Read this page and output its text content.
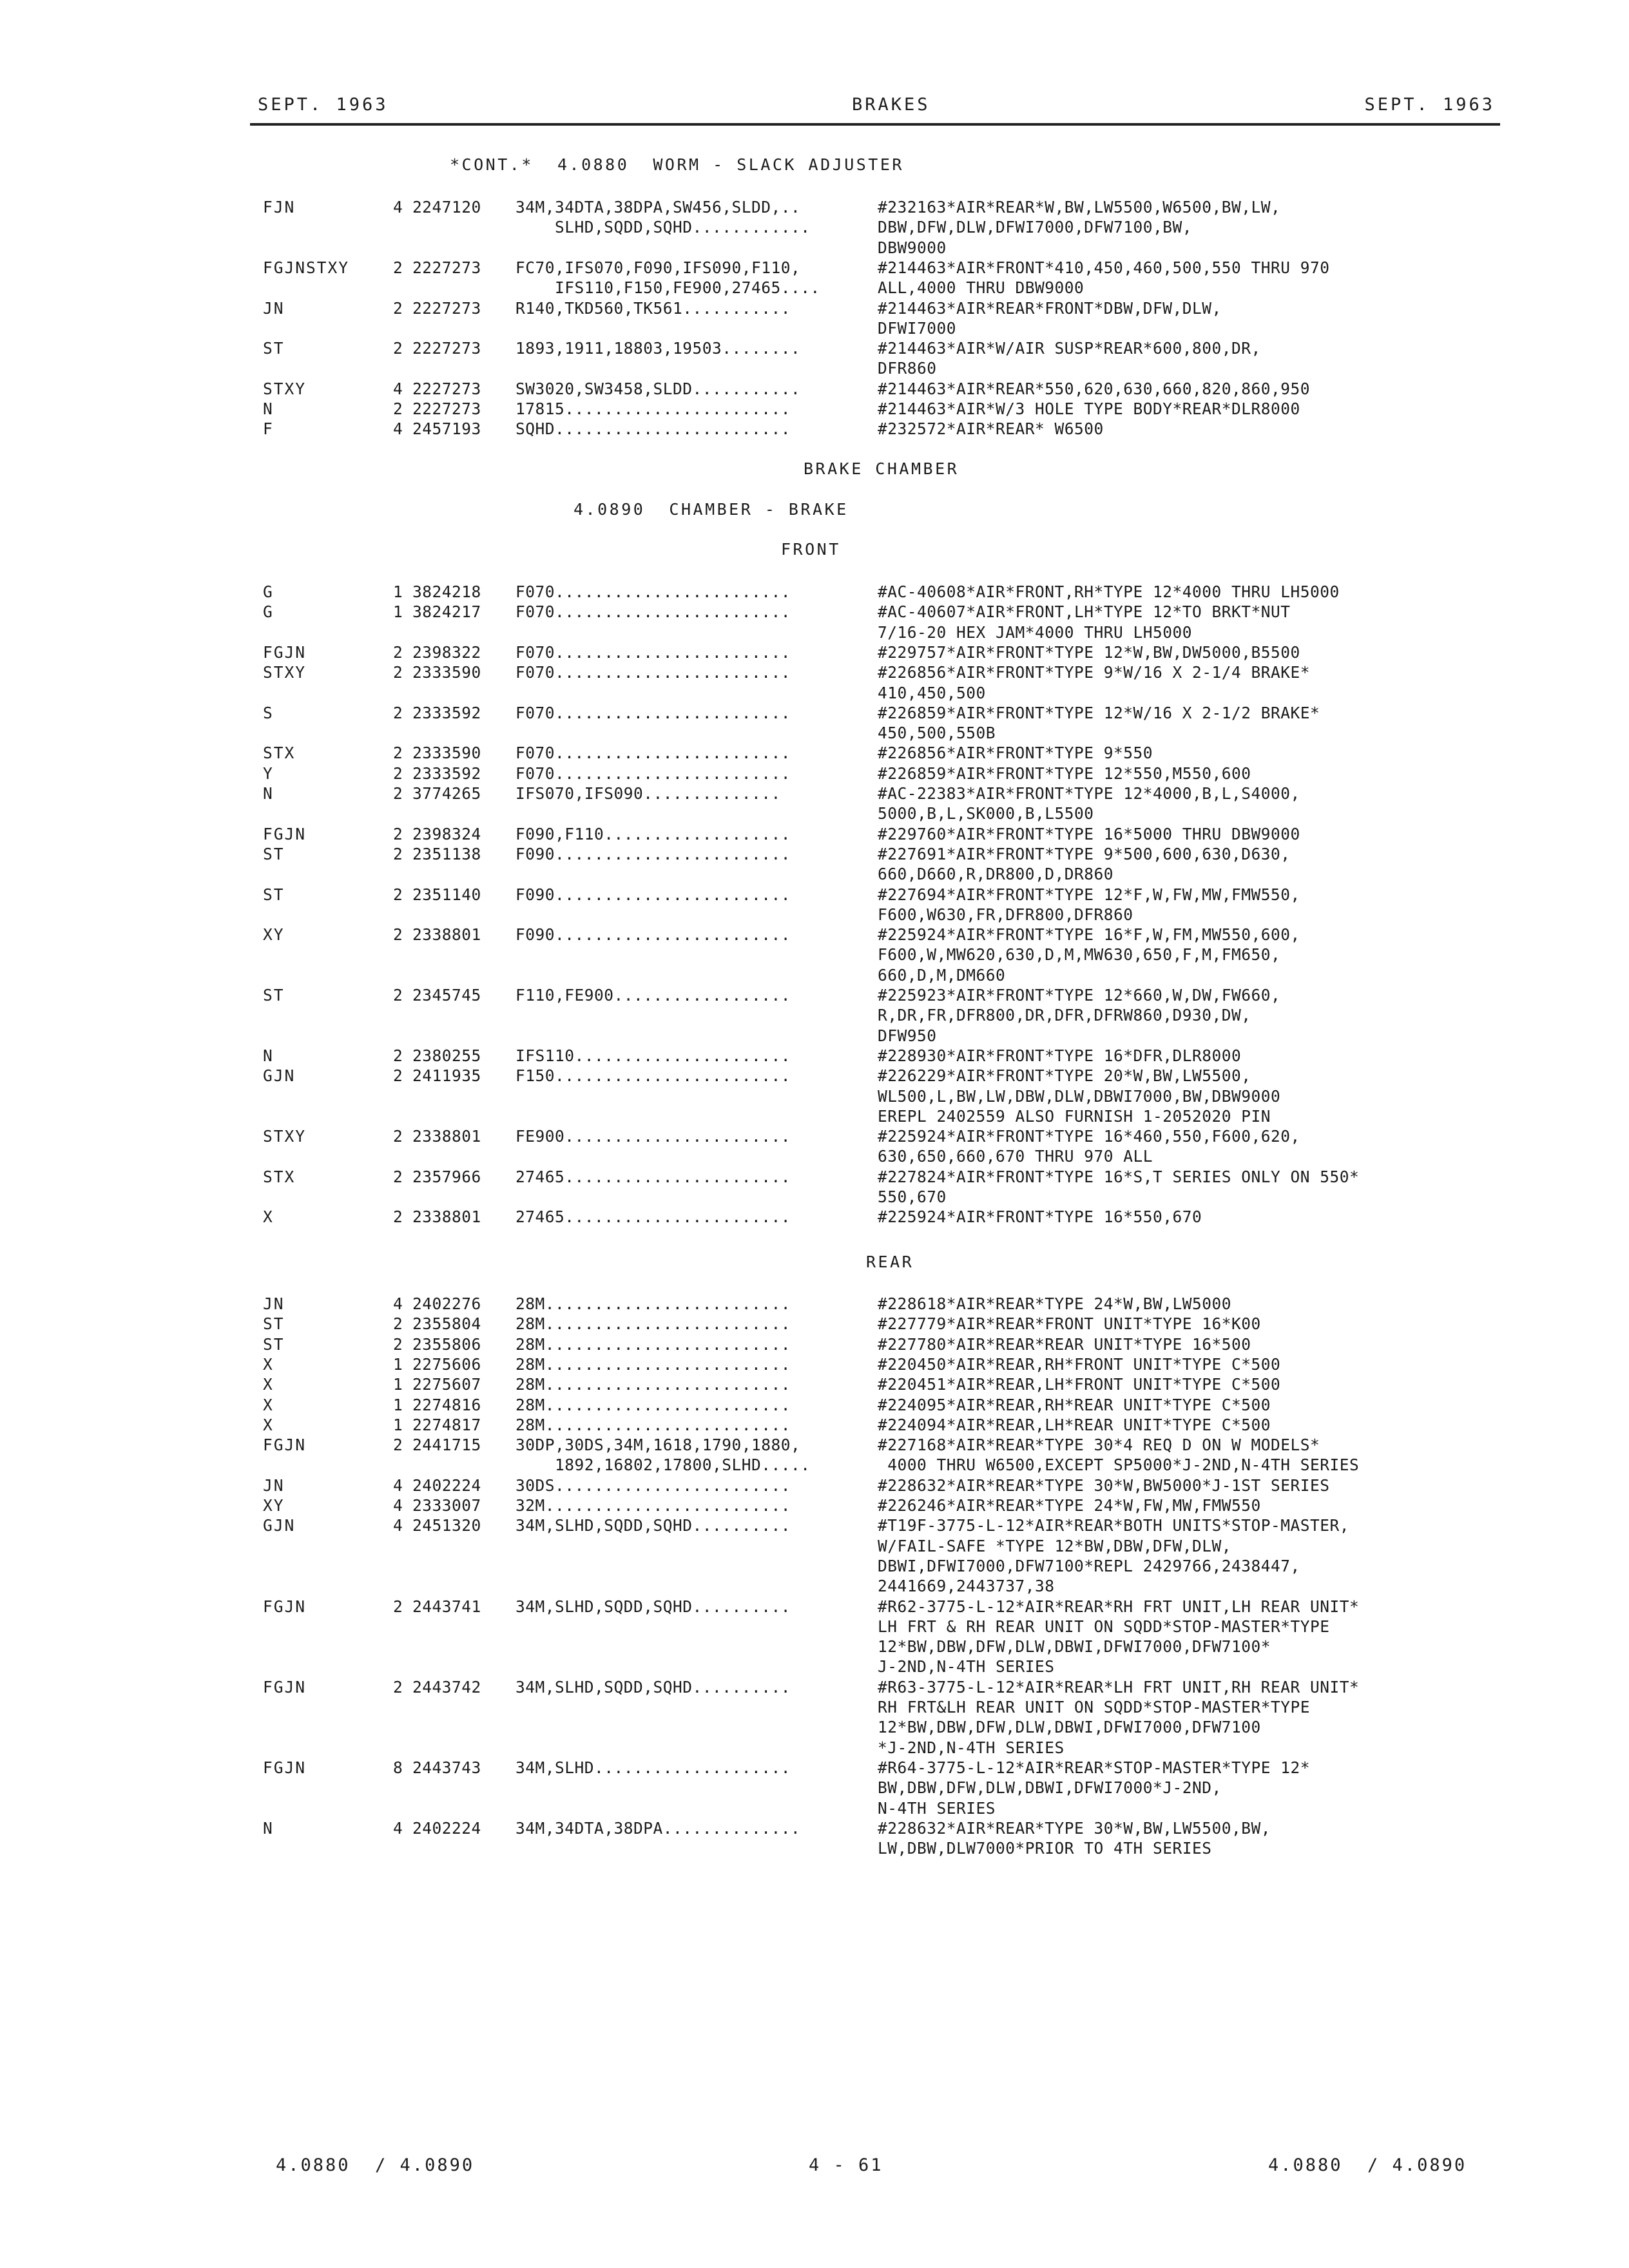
SEPT. 1963	BRAKES	SEPT. 1963
*CONT.*  4.0880  WORM - SLACK ADJUSTER
FJN	4 2247120 34M,34DTA,38DPA,SW456,SLDD,..	#232163*AIR*REAR*W,BW,LW5500,W6500,BW,LW,
SLHD,SQDD,SQHD............	DBW,DFW,DLW,DFWI7000,DFW7100,BW,
DBW9000
FGJNSTXY	2 2227273 FC70,IFS070,F090,IFS090,F110,	#214463*AIR*FRONT*410,450,460,500,550 THRU 970
IFS110,F150,FE900,27465....	ALL,4000 THRU DBW9000
JN	2 2227273 R140,TKD560,TK561...........	#214463*AIR*REAR*FRONT*DBW,DFW,DLW,
DFWI7000
ST	2 2227273 1893,1911,18803,19503........	#214463*AIR*W/AIR SUSP*REAR*600,800,DR,
DFR860
STXY	4 2227273 SW3020,SW3458,SLDD...........	#214463*AIR*REAR*550,620,630,660,820,860,950
N	2 2227273 17815.......................	#214463*AIR*W/3 HOLE TYPE BODY*REAR*DLR8000
F	4 2457193 SQHD........................	#232572*AIR*REAR* W6500
BRAKE CHAMBER
4.0890  CHAMBER - BRAKE
FRONT
G	1 3824218 F070........................	#AC-40608*AIR*FRONT,RH*TYPE 12*4000 THRU LH5000
G	1 3824217 F070........................	#AC-40607*AIR*FRONT,LH*TYPE 12*TO BRKT*NUT
7/16-20 HEX JAM*4000 THRU LH5000
FGJN	2 2398322 F070........................	#229757*AIR*FRONT*TYPE 12*W,BW,DW5000,B5500
STXY	2 2333590 F070........................	#226856*AIR*FRONT*TYPE 9*W/16 X 2-1/4 BRAKE*
410,450,500
S	2 2333592 F070........................	#226859*AIR*FRONT*TYPE 12*W/16 X 2-1/2 BRAKE*
450,500,550B
STX	2 2333590 F070........................	#226856*AIR*FRONT*TYPE 9*550
Y	2 2333592 F070........................	#226859*AIR*FRONT*TYPE 12*550,M550,600
N	2 3774265 IFS070,IFS090..............	#AC-22383*AIR*FRONT*TYPE 12*4000,B,L,S4000,
5000,B,L,SK000,B,L5500
FGJN	2 2398324 F090,F110...................	#229760*AIR*FRONT*TYPE 16*5000 THRU DBW9000
ST	2 2351138 F090........................	#227691*AIR*FRONT*TYPE 9*500,600,630,D630,
660,D660,R,DR800,D,DR860
ST	2 2351140 F090........................	#227694*AIR*FRONT*TYPE 12*F,W,FW,MW,FMW550,
F600,W630,FR,DFR800,DFR860
XY	2 2338801 F090........................	#225924*AIR*FRONT*TYPE 16*F,W,FM,MW550,600,
F600,W,MW620,630,D,M,MW630,650,F,M,FM650,
660,D,M,DM660
ST	2 2345745 F110,FE900..................	#225923*AIR*FRONT*TYPE 12*660,W,DW,FW660,
R,DR,FR,DFR800,DR,DFR,DFRW860,D930,DW,
DFW950
N	2 2380255 IFS110......................	#228930*AIR*FRONT*TYPE 16*DFR,DLR8000
GJN	2 2411935 F150........................	#226229*AIR*FRONT*TYPE 20*W,BW,LW5500,
WL500,L,BW,LW,DBW,DLW,DBWI7000,BW,DBW9000
EREPL 2402559 ALSO FURNISH 1-2052020 PIN
STXY	2 2338801 FE900.......................	#225924*AIR*FRONT*TYPE 16*460,550,F600,620,
630,650,660,670 THRU 970 ALL
STX	2 2357966 27465.......................	#227824*AIR*FRONT*TYPE 16*S,T SERIES ONLY ON 550*
550,670
X	2 2338801 27465.......................	#225924*AIR*FRONT*TYPE 16*550,670
REAR
JN	4 2402276 28M.........................	#228618*AIR*REAR*TYPE 24*W,BW,LW5000
ST	2 2355804 28M.........................	#227779*AIR*REAR*FRONT UNIT*TYPE 16*K00
ST	2 2355806 28M.........................	#227780*AIR*REAR*REAR UNIT*TYPE 16*500
X	1 2275606 28M.........................	#220450*AIR*REAR,RH*FRONT UNIT*TYPE C*500
X	1 2275607 28M.........................	#220451*AIR*REAR,LH*FRONT UNIT*TYPE C*500
X	1 2274816 28M.........................	#224095*AIR*REAR,RH*REAR UNIT*TYPE C*500
X	1 2274817 28M.........................	#224094*AIR*REAR,LH*REAR UNIT*TYPE C*500
FGJN	2 2441715 30DP,30DS,34M,1618,1790,1880,	#227168*AIR*REAR*TYPE 30*4 REQ D ON W MODELS*
1892,16802,17800,SLHD.....	4000 THRU W6500,EXCEPT SP5000*J-2ND,N-4TH SERIES
JN	4 2402224 30DS........................	#228632*AIR*REAR*TYPE 30*W,BW5000*J-1ST SERIES
XY	4 2333007 32M.........................	#226246*AIR*REAR*TYPE 24*W,FW,MW,FMW550
GJN	4 2451320 34M,SLHD,SQDD,SQHD..........	#T19F-3775-L-12*AIR*REAR*BOTH UNITS*STOP-MASTER,
W/FAIL-SAFE *TYPE 12*BW,DBW,DFW,DLW,
DBWI,DFWI7000,DFW7100*REPL 2429766,2438447,
2441669,2443737,38
FGJN	2 2443741 34M,SLHD,SQDD,SQHD..........	#R62-3775-L-12*AIR*REAR*RH FRT UNIT,LH REAR UNIT*
LH FRT & RH REAR UNIT ON SQDD*STOP-MASTER*TYPE
12*BW,DBW,DFW,DLW,DBWI,DFWI7000,DFW7100*
J-2ND,N-4TH SERIES
FGJN	2 2443742 34M,SLHD,SQDD,SQHD..........	#R63-3775-L-12*AIR*REAR*LH FRT UNIT,RH REAR UNIT*
RH FRT&LH REAR UNIT ON SQDD*STOP-MASTER*TYPE
12*BW,DBW,DFW,DLW,DBWI,DFWI7000,DFW7100
*J-2ND,N-4TH SERIES
FGJN	8 2443743 34M,SLHD....................	#R64-3775-L-12*AIR*REAR*STOP-MASTER*TYPE 12*
BW,DBW,DFW,DLW,DBWI,DFWI7000*J-2ND,
N-4TH SERIES
N	4 2402224 34M,34DTA,38DPA..............	#228632*AIR*REAR*TYPE 30*W,BW,LW5500,BW,
LW,DBW,DLW7000*PRIOR TO 4TH SERIES
4.0880  / 4.0890	4 - 61	4.0880  / 4.0890
